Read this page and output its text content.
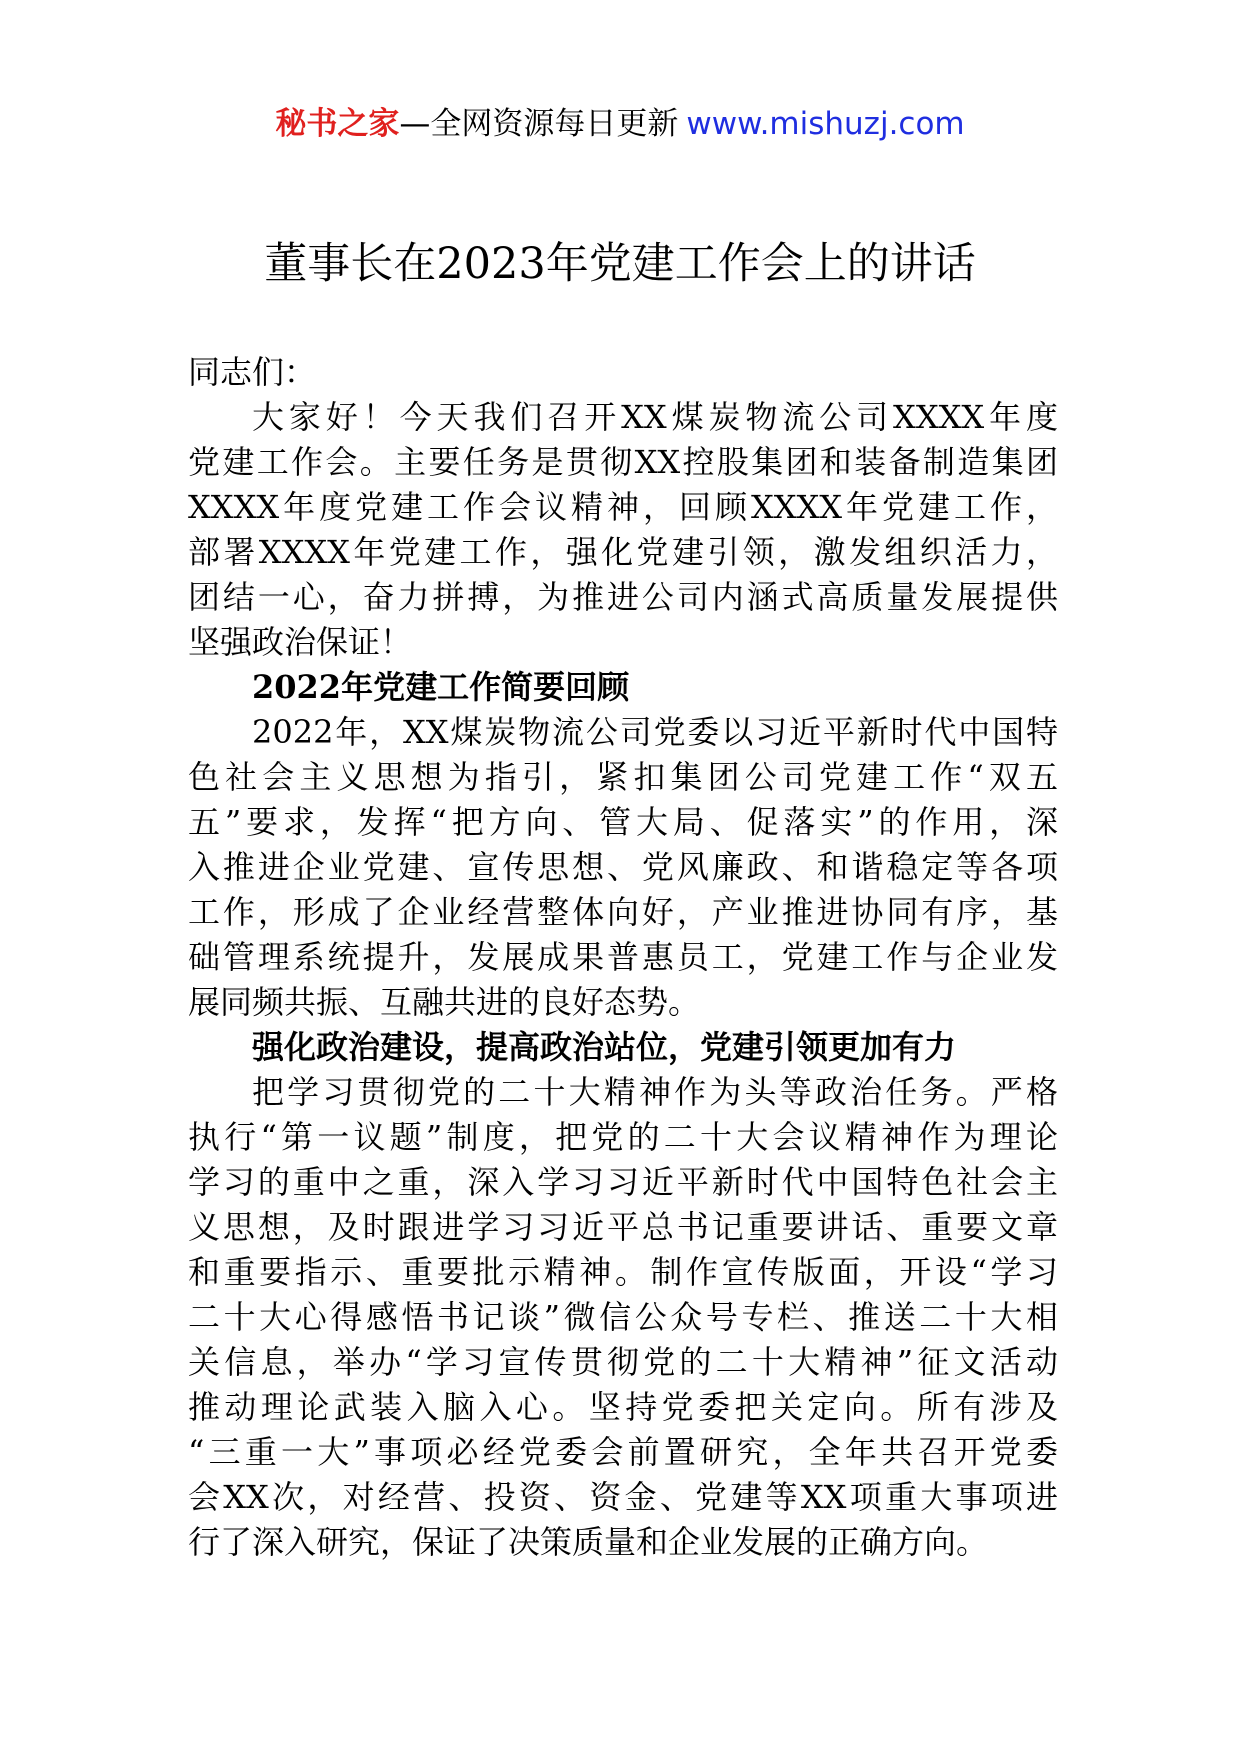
秘书之家—全网资源每日更新 www.mishuzj.com
董事长在2023年党建工作会上的讲话
同志们：
大家好！今天我们召开XX煤炭物流公司XXXX年度
党建工作会。主要任务是贯彻XX控股集团和装备制造集团
XXXX年度党建工作会议精神，回顾XXXX年党建工作，
部署XXXX年党建工作，强化党建引领，激发组织活力，
团结一心，奋力拼搏，为推进公司内涵式高质量发展提供
坚强政治保证！
2022年党建工作简要回顾
2022年，XX煤炭物流公司党委以习近平新时代中国特
色社会主义思想为指引，紧扣集团公司党建工作“双五
五”要求，发挥“把方向、管大局、促落实”的作用，深
入推进企业党建、宣传思想、党风廉政、和谐稳定等各项
工作，形成了企业经营整体向好，产业推进协同有序，基
础管理系统提升，发展成果普惠员工，党建工作与企业发
展同频共振、互融共进的良好态势。
强化政治建设，提高政治站位，党建引领更加有力
把学习贯彻党的二十大精神作为头等政治任务。严格
执行“第一议题”制度，把党的二十大会议精神作为理论
学习的重中之重，深入学习习近平新时代中国特色社会主
义思想，及时跟进学习习近平总书记重要讲话、重要文章
和重要指示、重要批示精神。制作宣传版面，开设“学习
二十大心得感悟书记谈”微信公众号专栏、推送二十大相
关信息，举办“学习宣传贯彻党的二十大精神”征文活动
推动理论武装入脑入心。坚持党委把关定向。所有涉及
“三重一大”事项必经党委会前置研究，全年共召开党委
会XX次，对经营、投资、资金、党建等XX项重大事项进
行了深入研究，保证了决策质量和企业发展的正确方向。
